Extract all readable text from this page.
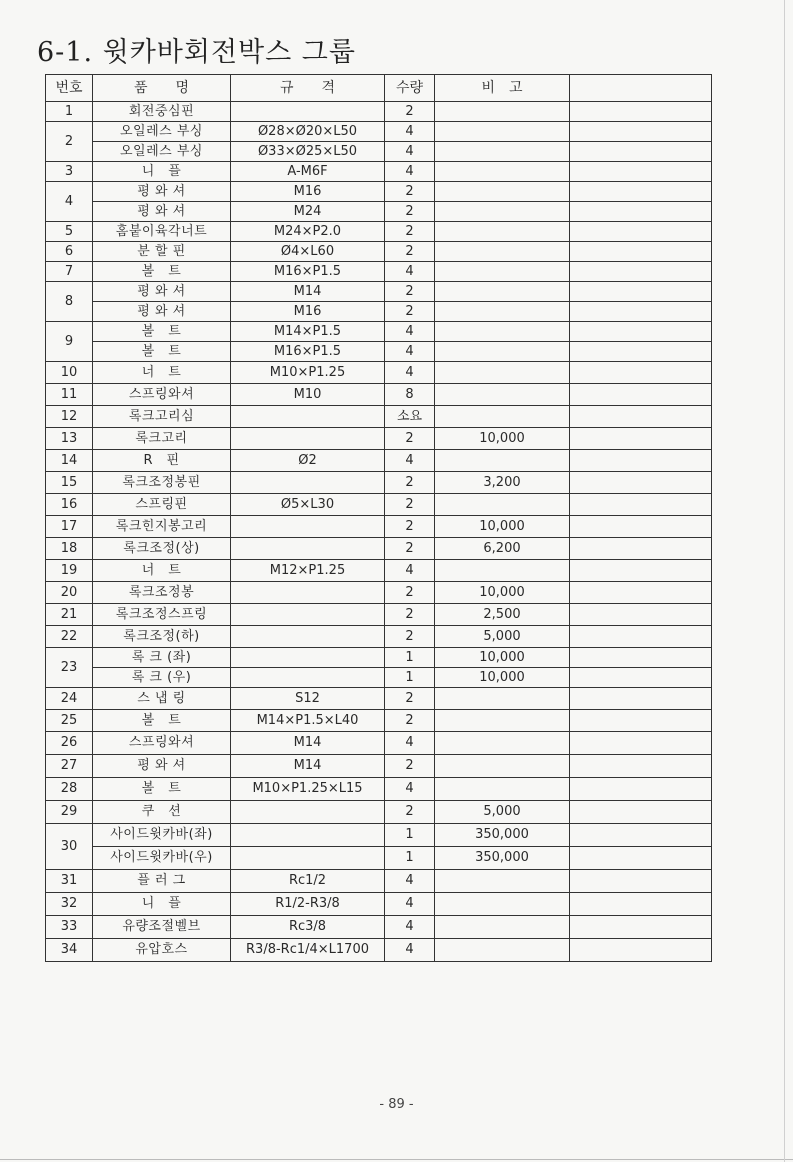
6-1. 윗카바회전박스 그룹
번호	품　　명	규　　격	수량	비　고	
1	회전중심핀		2		
2	오일레스 부싱	Ø28×Ø20×L50	4		
	오일레스 부싱	Ø33×Ø25×L50	4		
3	니　플	A-M6F	4		
4	평 와 셔	M16	2		
	평 와 셔	M24	2		
5	홈붙이육각너트	M24×P2.0	2		
6	분 할 핀	Ø4×L60	2		
7	볼　트	M16×P1.5	4		
8	평 와 셔	M14	2		
	평 와 셔	M16	2		
9	볼　트	M14×P1.5	4		
	볼　트	M16×P1.5	4		
10	너　트	M10×P1.25	4		
11	스프링와셔	M10	8		
12	록크고리심		소요		
13	록크고리		2	10,000	
14	R　핀	Ø2	4		
15	록크조정봉핀		2	3,200	
16	스프링핀	Ø5×L30	2		
17	록크힌지봉고리		2	10,000	
18	록크조정(상)		2	6,200	
19	너　트	M12×P1.25	4		
20	록크조정봉		2	10,000	
21	록크조정스프링		2	2,500	
22	록크조정(하)		2	5,000	
23	록 크 (좌)		1	10,000	
	록 크 (우)		1	10,000	
24	스 냅 링	S12	2		
25	볼　트	M14×P1.5×L40	2		
26	스프링와셔	M14	4		
27	평 와 셔	M14	2		
28	볼　트	M10×P1.25×L15	4		
29	쿠　션		2	5,000	
30	사이드윗카바(좌)		1	350,000	
	사이드윗카바(우)		1	350,000	
31	플 러 그	Rc1/2	4		
32	니　플	R1/2-R3/8	4		
33	유량조절벨브	Rc3/8	4		
34	유압호스	R3/8-Rc1/4×L1700	4		
- 89 -
